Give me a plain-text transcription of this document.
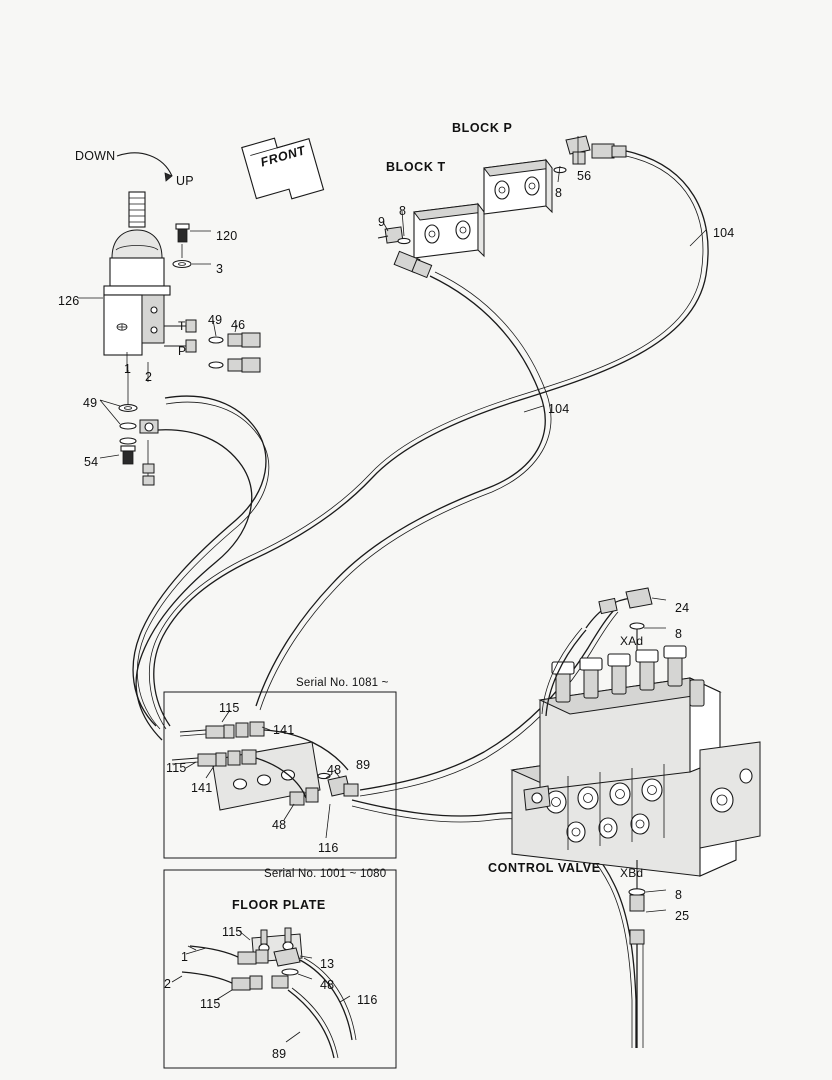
BLOCK P
BLOCK T
CONTROL VALVE
FLOOR PLATE
DOWN
UP
FRONT
Serial No. 1081 ~
Serial No. 1001 ~ 1080
T
P
XAd
XBd
126
120
3
1
2
49 46
49
54
9
8
8
56
104
104
24
8
8
25
115
141
115
141
48 89
48
116
1
2
115
13
48
115	116
89
